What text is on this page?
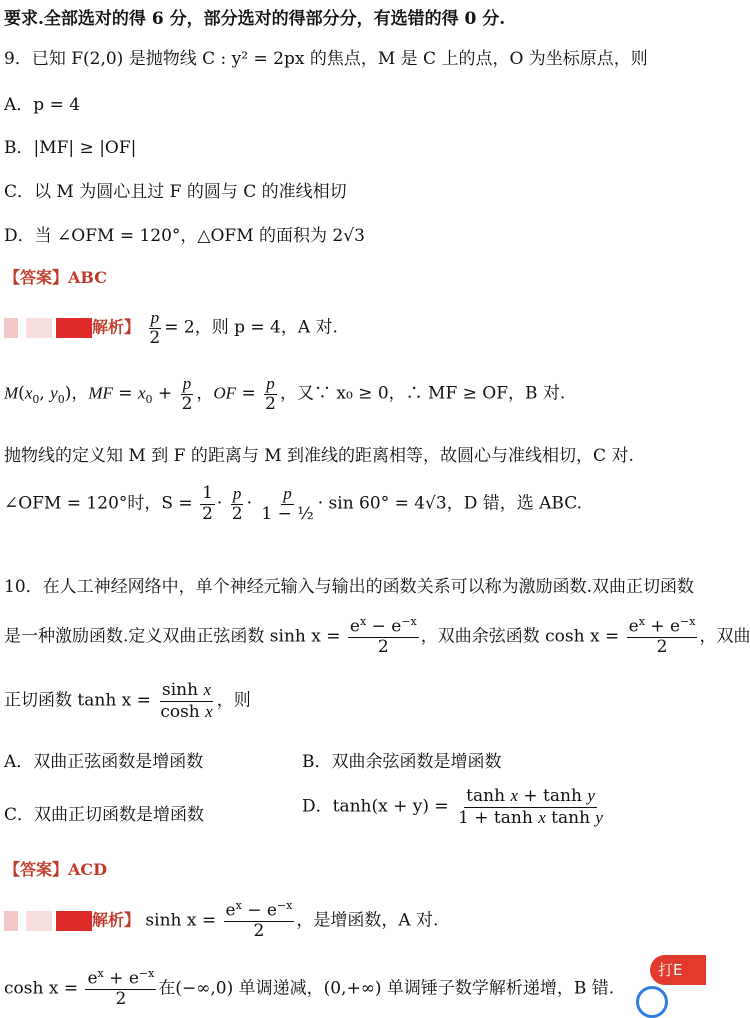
要求.全部选对的得 6 分，部分选对的得部分分，有选错的得 0 分.
9．已知 F(2,0) 是抛物线 C : y² = 2px 的焦点，M 是 C 上的点，O 为坐标原点，则
A．p = 4
B．|MF| ≥ |OF|
C．以 M 为圆心且过 F 的圆与 C 的准线相切
D．当 ∠OFM = 120°，△OFM 的面积为 2√3
【答案】ABC
解析】 $\frac{p}{2} = 2$，则 p = 4，A 对.
$M(x_0$, $y_0$)，MF = $x_0 + \frac{p}{2}$ ，OF = $\frac{p}{2}$ ，又∵ x₀ ≥ 0，∴ MF ≥ OF，B 对.
抛物线的定义知 M 到 F 的距离与 M 到准线的距离相等，故圆心与准线相切，C 对.
∠OFM = 120°时，$S = \frac{1}{2} \cdot \frac{p}{2} \cdot \frac{p}{\text{1 − ½}} \cdot \sin 60^\circ = 4√3$，D 错，选 ABC.
10．在人工神经网络中，单个神经元输入与输出的函数关系可以称为激励函数.双曲正切函数
是一种激励函数.定义双曲正弦函数 $\sinh x = \frac{e^x - e^{-x}}{2}$ ，双曲余弦函数 $\cosh x = \frac{e^x + e^{-x}}{2}$ ，双曲
正切函数 $\tanh x = \frac{\text{sinh x}}{\text{cosh x}}$ ，则
A．双曲正弦函数是增函数	B．双曲余弦函数是增函数
C．双曲正切函数是增函数	D．$\tanh(x + y) = \frac{\text{tanh x + tanh y}}{\text{1 + tanh x tanh y}}$
【答案】ACD
解析】 $\sinh x = \frac{e^x - e^{-x}}{2}$ ，是增函数，A 对.
$\cosh x = \frac{e^x + e^{-x}}{2}$ 在(−∞,0) 单调递减，(0,+∞) 单调锤子数学解析递增，B 错.
打E
